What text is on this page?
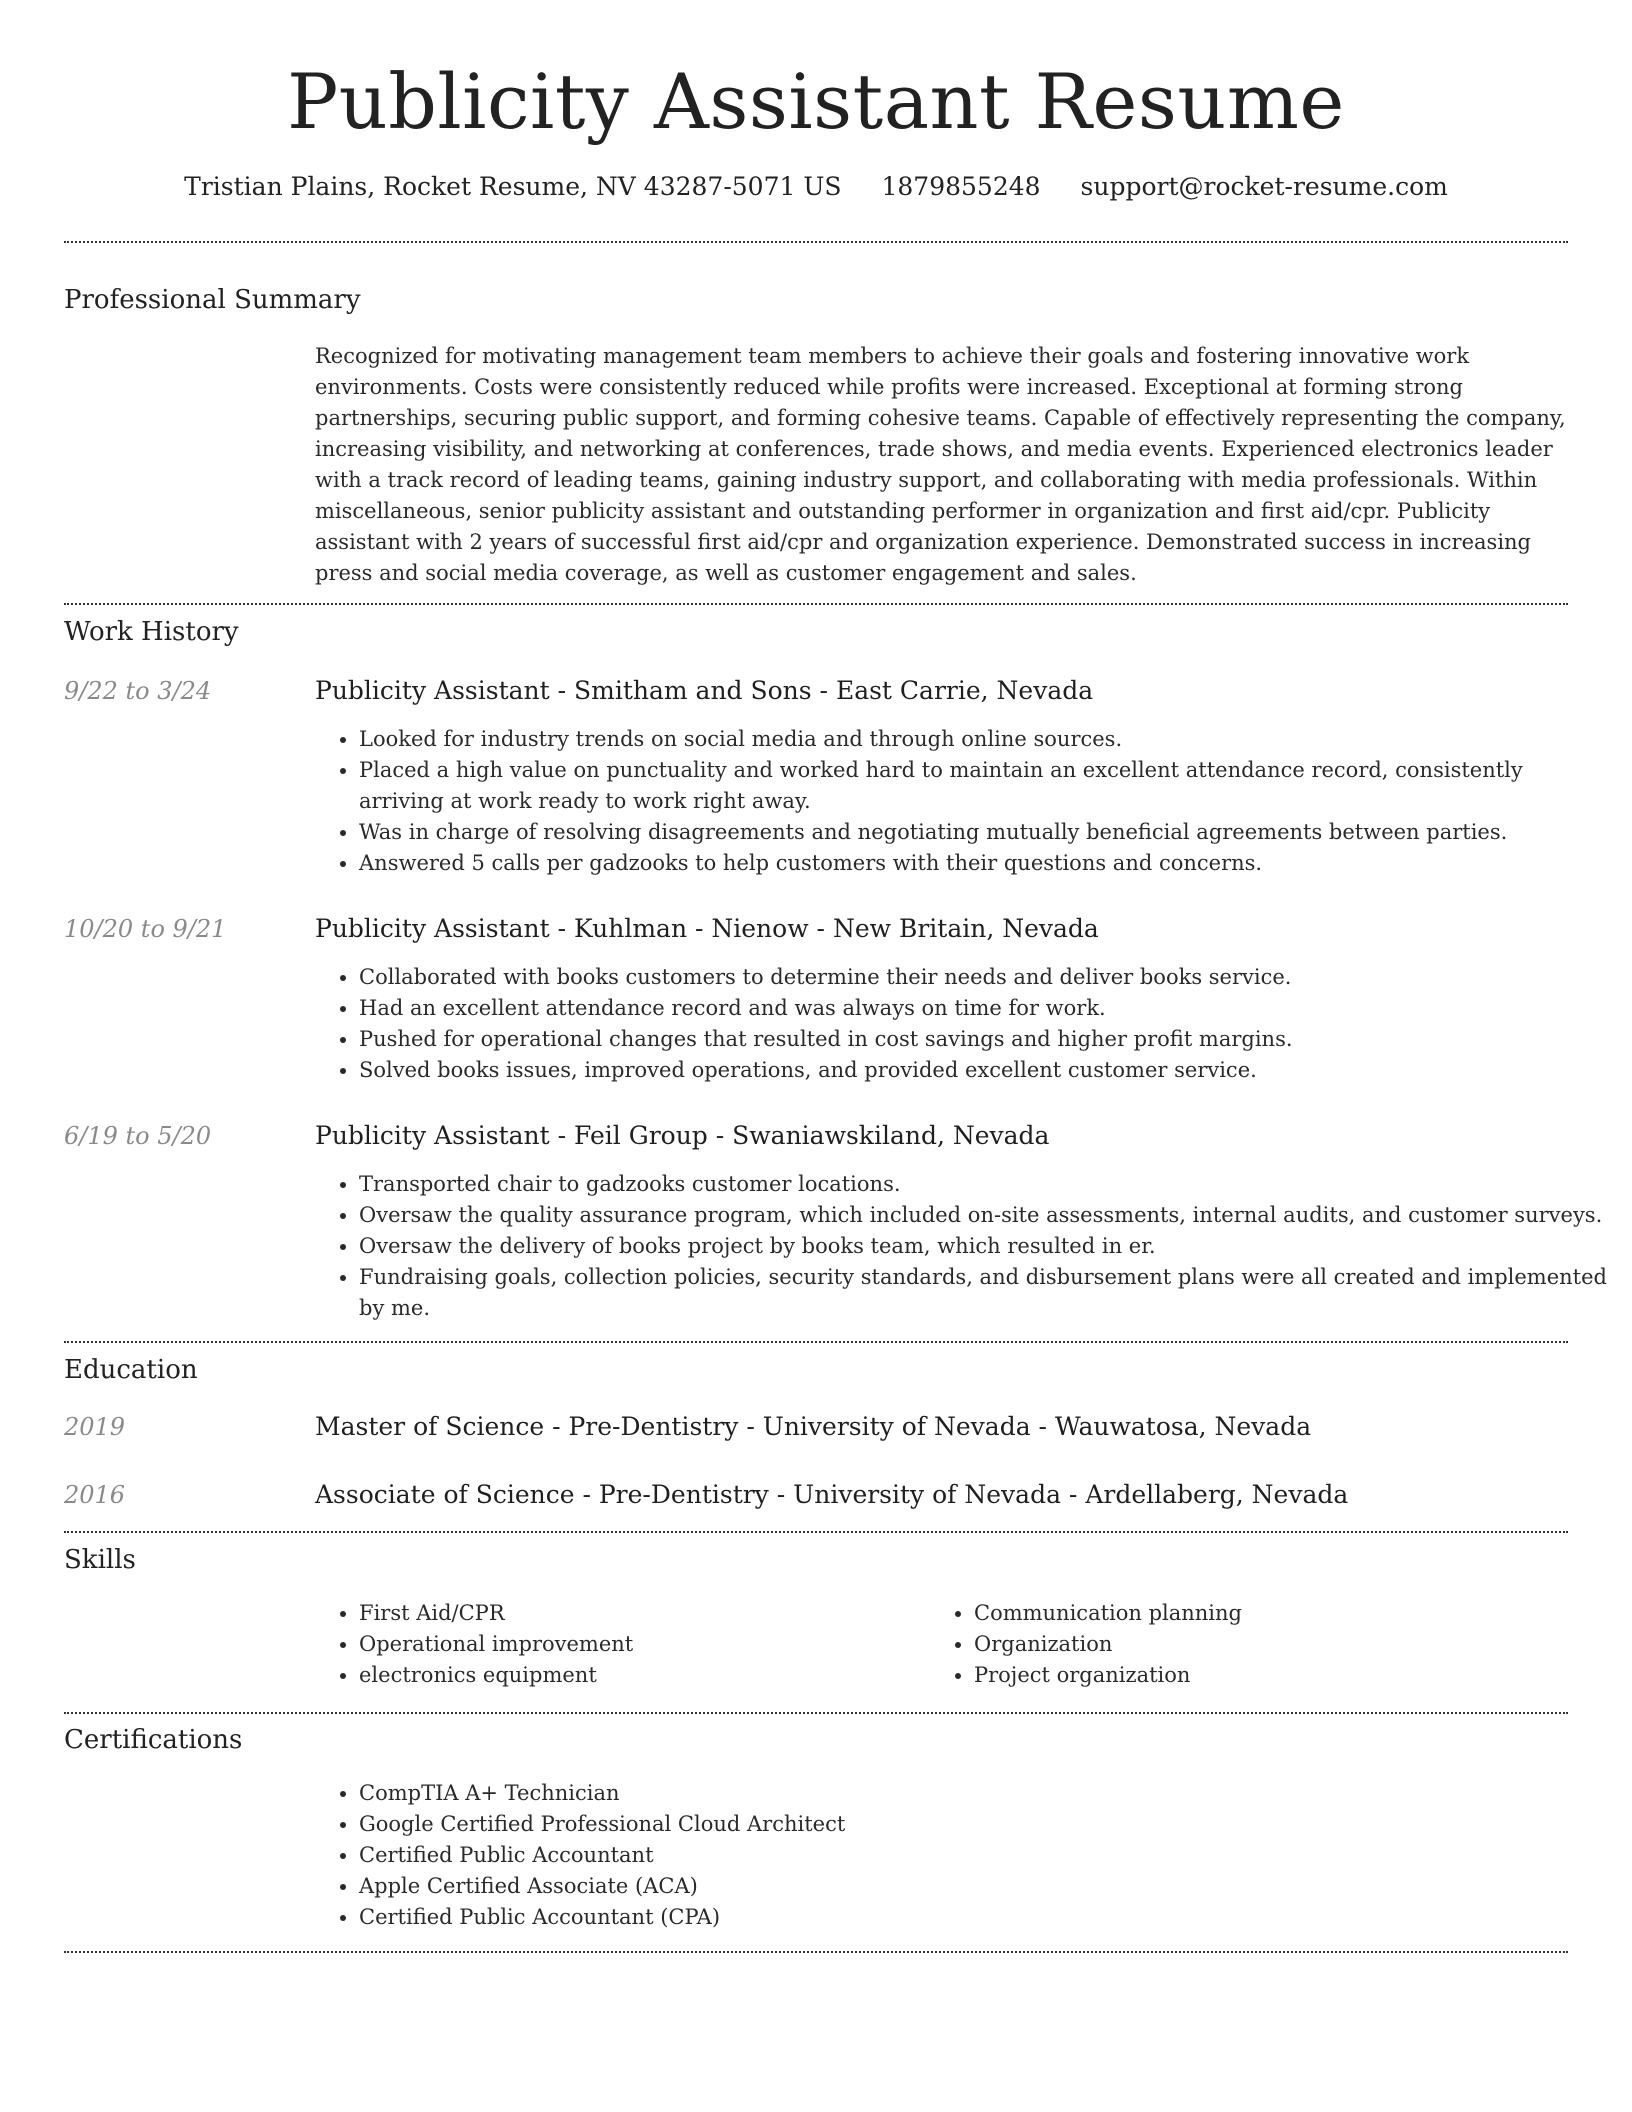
Publicity Assistant Resume
Tristian Plains, Rocket Resume, NV 43287-5071 US 1879855248 support@rocket-resume.com
Professional Summary
Recognized for motivating management team members to achieve their goals and fostering innovative work environments. Costs were consistently reduced while profits were increased. Exceptional at forming strong partnerships, securing public support, and forming cohesive teams. Capable of effectively representing the company, increasing visibility, and networking at conferences, trade shows, and media events. Experienced electronics leader with a track record of leading teams, gaining industry support, and collaborating with media professionals. Within miscellaneous, senior publicity assistant and outstanding performer in organization and first aid/cpr. Publicity assistant with 2 years of successful first aid/cpr and organization experience. Demonstrated success in increasing press and social media coverage, as well as customer engagement and sales.
Work History
9/22 to 3/24	Publicity Assistant - Smitham and Sons - East Carrie, Nevada
• Looked for industry trends on social media and through online sources.
• Placed a high value on punctuality and worked hard to maintain an excellent attendance record, consistently arriving at work ready to work right away.
• Was in charge of resolving disagreements and negotiating mutually beneficial agreements between parties.
• Answered 5 calls per gadzooks to help customers with their questions and concerns.
10/20 to 9/21	Publicity Assistant - Kuhlman - Nienow - New Britain, Nevada
• Collaborated with books customers to determine their needs and deliver books service.
• Had an excellent attendance record and was always on time for work.
• Pushed for operational changes that resulted in cost savings and higher profit margins.
• Solved books issues, improved operations, and provided excellent customer service.
6/19 to 5/20	Publicity Assistant - Feil Group - Swaniawskiland, Nevada
• Transported chair to gadzooks customer locations.
• Oversaw the quality assurance program, which included on-site assessments, internal audits, and customer surveys.
• Oversaw the delivery of books project by books team, which resulted in er.
• Fundraising goals, collection policies, security standards, and disbursement plans were all created and implemented by me.
Education
2019	Master of Science - Pre-Dentistry - University of Nevada - Wauwatosa, Nevada
2016	Associate of Science - Pre-Dentistry - University of Nevada - Ardellaberg, Nevada
Skills
• First Aid/CPR
• Operational improvement
• electronics equipment
• Communication planning
• Organization
• Project organization
Certifications
• CompTIA A+ Technician
• Google Certified Professional Cloud Architect
• Certified Public Accountant
• Apple Certified Associate (ACA)
• Certified Public Accountant (CPA)
